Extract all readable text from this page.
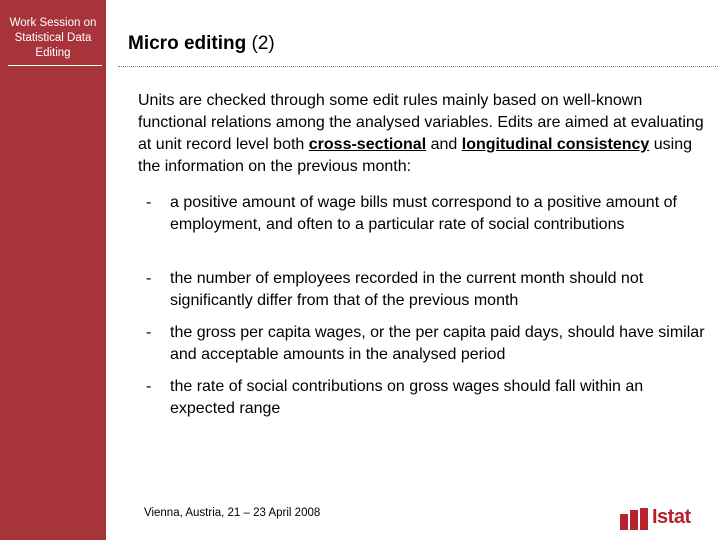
Work Session on
Statistical Data
Editing	Micro editing (2)
Units are checked through some edit rules mainly based on well-known functional relations among the analysed variables. Edits are aimed at evaluating at unit record level both cross-sectional and longitudinal consistency using the information on the previous month:
- a positive amount of wage bills must correspond to a positive amount of employment, and often to a particular rate of social contributions
- the number of employees recorded in the current month should not significantly differ from that of the previous month
- the gross per capita wages, or the per capita paid days, should have similar and acceptable amounts in the analysed period
- the rate of social contributions on gross wages should fall within an expected range
Vienna, Austria, 21 – 23 April 2008	Istat
